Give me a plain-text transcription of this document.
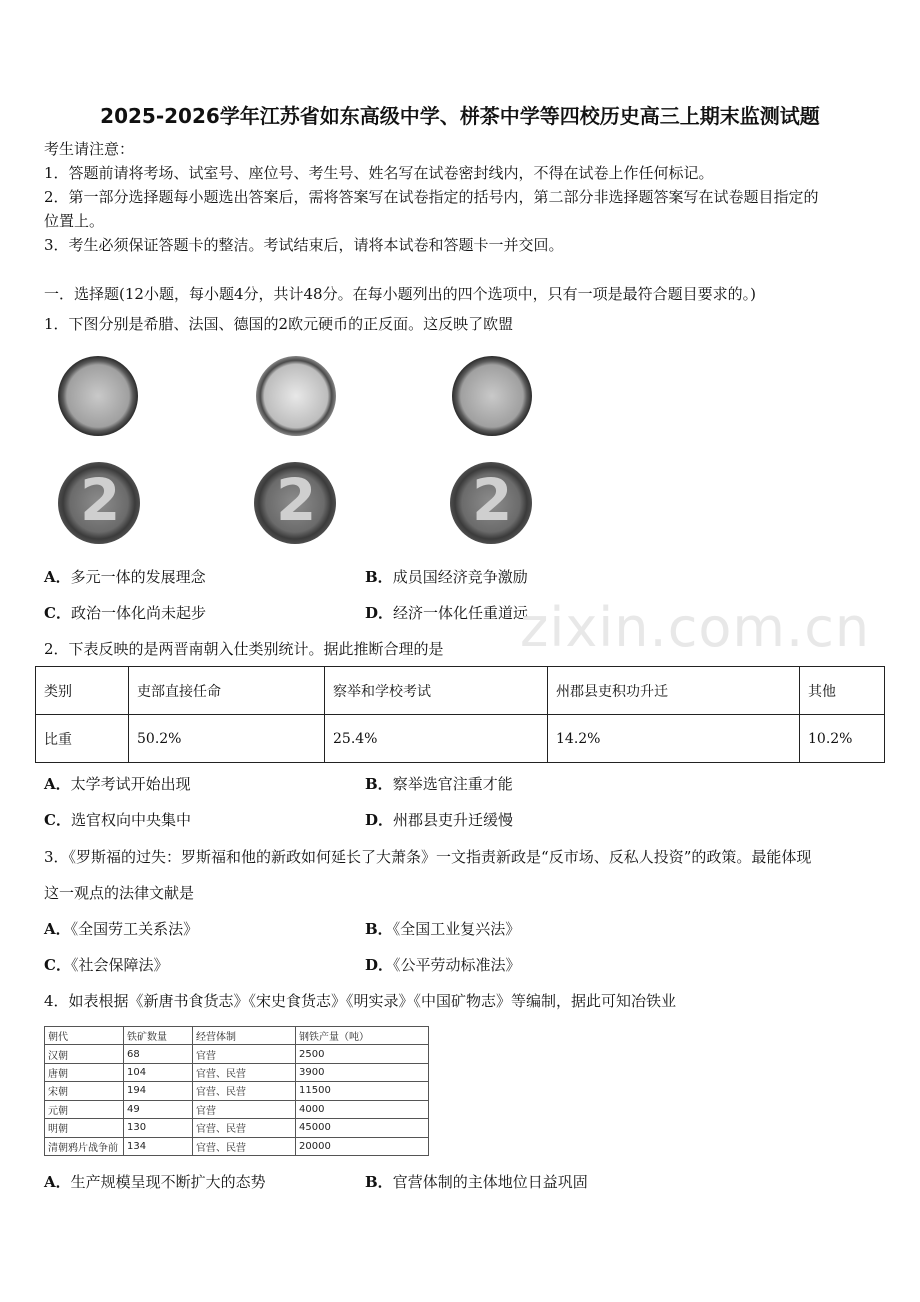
2025-2026学年江苏省如东高级中学、栟茶中学等四校历史高三上期末监测试题
考生请注意：
1．答题前请将考场、试室号、座位号、考生号、姓名写在试卷密封线内，不得在试卷上作任何标记。
2．第一部分选择题每小题选出答案后，需将答案写在试卷指定的括号内，第二部分非选择题答案写在试卷题目指定的
位置上。
3．考生必须保证答题卡的整洁。考试结束后，请将本试卷和答题卡一并交回。
一．选择题(12小题，每小题4分，共计48分。在每小题列出的四个选项中，只有一项是最符合题目要求的。)
1．下图分别是希腊、法国、德国的2欧元硬币的正反面。这反映了欧盟
2	2	2
A．多元一体的发展理念	B．成员国经济竞争激励
C．政治一体化尚未起步	D．经济一体化任重道远
zixin.com.cn
2．下表反映的是两晋南朝入仕类别统计。据此推断合理的是
类别	吏部直接任命	察举和学校考试	州郡县吏积功升迁	其他
比重	50.2%	25.4%	14.2%	10.2%
A．太学考试开始出现	B．察举选官注重才能
C．选官权向中央集中	D．州郡县吏升迁缓慢
3．《罗斯福的过失：罗斯福和他的新政如何延长了大萧条》一文指责新政是“反市场、反私人投资”的政策。最能体现
这一观点的法律文献是
A．《全国劳工关系法》	B．《全国工业复兴法》
C．《社会保障法》	D．《公平劳动标准法》
4．如表根据《新唐书食货志》《宋史食货志》《明实录》《中国矿物志》等编制，据此可知冶铁业
朝代	铁矿数量	经营体制	钢铁产量（吨）
汉朝	68	官营	2500
唐朝	104	官营、民营	3900
宋朝	194	官营、民营	11500
元朝	49	官营	4000
明朝	130	官营、民营	45000
清朝鸦片战争前	134	官营、民营	20000
A．生产规模呈现不断扩大的态势	B．官营体制的主体地位日益巩固
